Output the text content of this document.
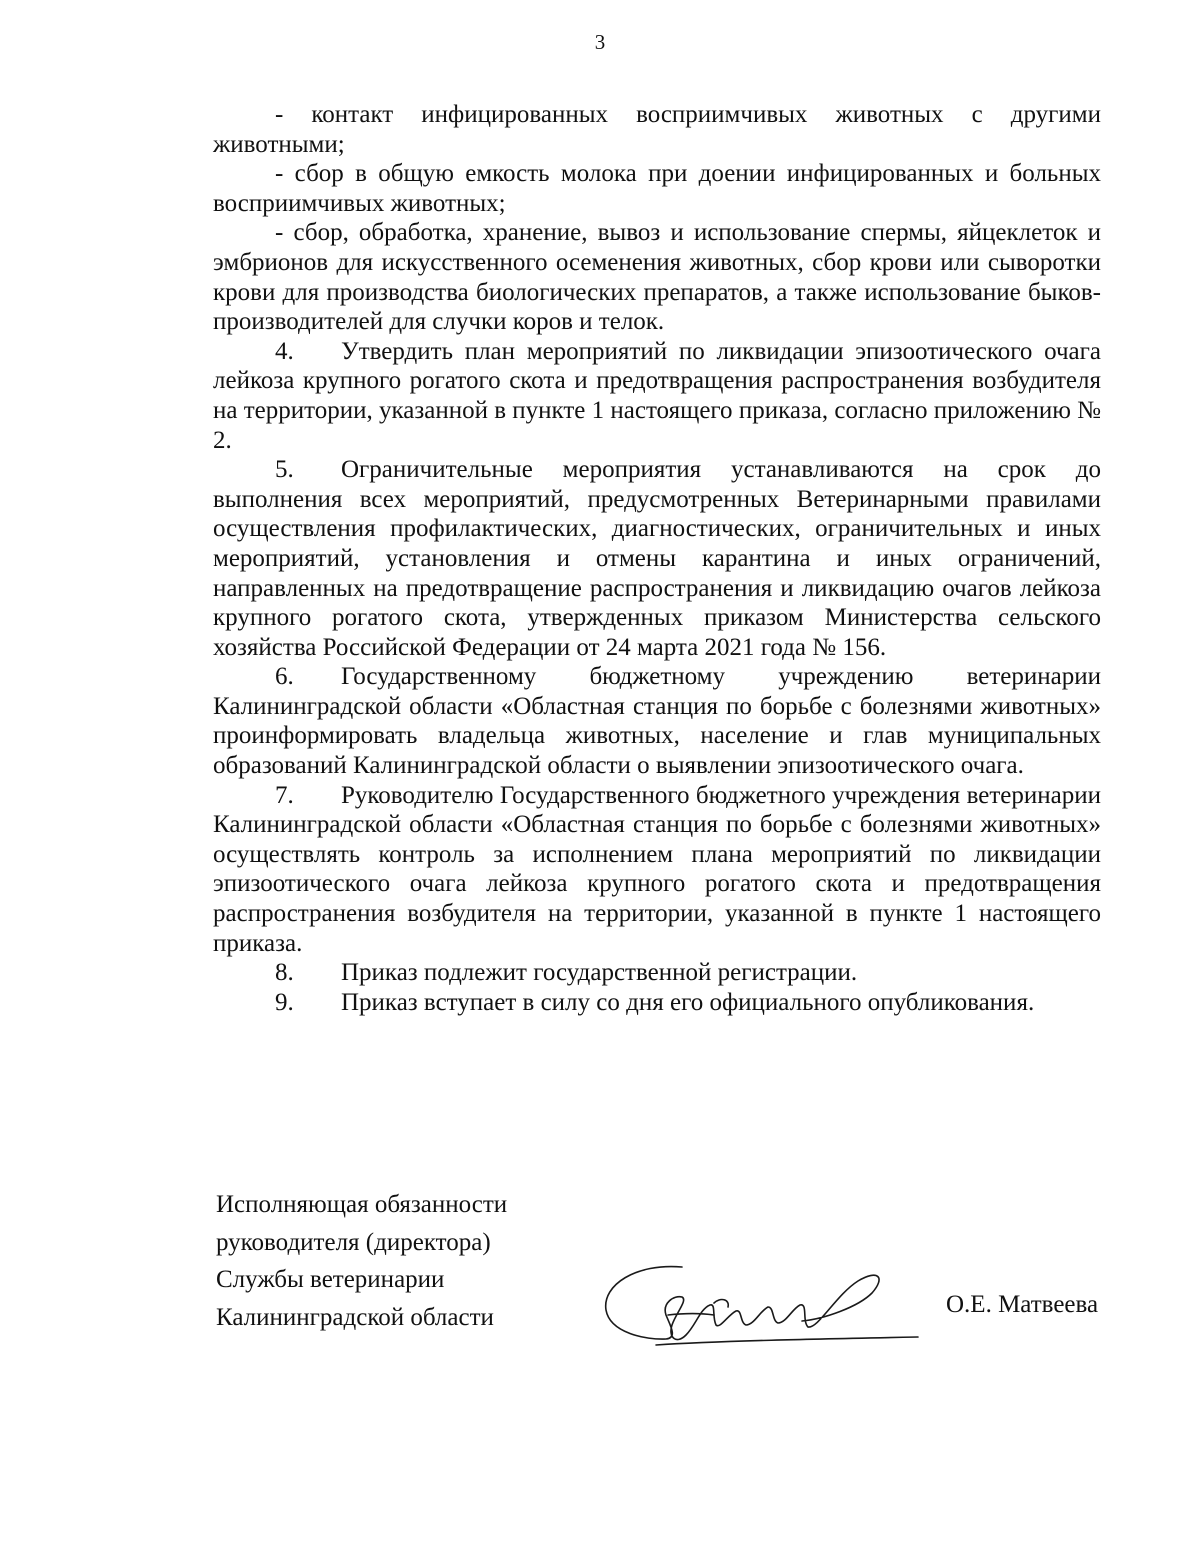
3

- контакт инфицированных восприимчивых животных с другими животными;

- сбор в общую емкость молока при доении инфицированных и больных восприимчивых животных;

- сбор, обработка, хранение, вывоз и использование спермы, яйцеклеток и эмбрионов для искусственного осеменения животных, сбор крови или сыворотки крови для производства биологических препаратов, а также использование быков-производителей для случки коров и телок.

4. Утвердить план мероприятий по ликвидации эпизоотического очага лейкоза крупного рогатого скота и предотвращения распространения возбудителя на территории, указанной в пункте 1 настоящего приказа, согласно приложению № 2.

5. Ограничительные мероприятия устанавливаются на срок до выполнения всех мероприятий, предусмотренных Ветеринарными правилами осуществления профилактических, диагностических, ограничительных и иных мероприятий, установления и отмены карантина и иных ограничений, направленных на предотвращение распространения и ликвидацию очагов лейкоза крупного рогатого скота, утвержденных приказом Министерства сельского хозяйства Российской Федерации от 24 марта 2021 года № 156.

6. Государственному бюджетному учреждению ветеринарии Калининградской области «Областная станция по борьбе с болезнями животных» проинформировать владельца животных, население и глав муниципальных образований Калининградской области о выявлении эпизоотического очага.

7. Руководителю Государственного бюджетного учреждения ветеринарии Калининградской области «Областная станция по борьбе с болезнями животных» осуществлять контроль за исполнением плана мероприятий по ликвидации эпизоотического очага лейкоза крупного рогатого скота и предотвращения распространения возбудителя на территории, указанной в пункте 1 настоящего приказа.

8. Приказ подлежит государственной регистрации.

9. Приказ вступает в силу со дня его официального опубликования.

Исполняющая обязанности
руководителя (директора)
Службы ветеринарии
Калининградской области	О.Е. Матвеева
